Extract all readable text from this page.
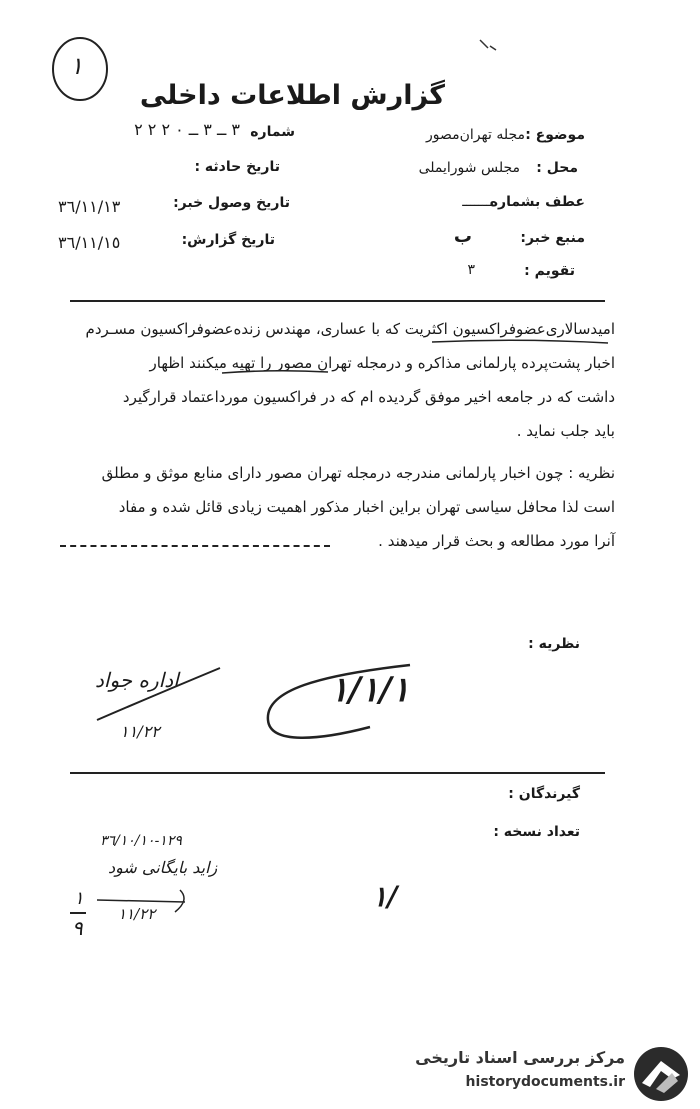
١
گزارش اطلاعات داخلی
موضوع :
مجله تهران‌مصور
محل :
مجلس شورا‌یملی
عطف بشماره
ــــــــ
منبع خبر:
ب
تقویم :
٣
شماره
۳ ــ ۳ ــ ۰ ۲ ۲ ۲
تاریخ حادثه :
تاریخ وصول خبر:
٣٦/١١/١٣
تاریخ گزارش:
٣٦/١١/١٥
امیدسالاری‌عضوفراکسیون اکثریت که با عساری، مهندس زنده‌عضوفراکسیون مسـردم
اخبار پشت‌پرده پارلمانی مذاکره و درمجله تهران مصور را تهیه میکنند اظهار
داشت که در جامعه اخیر موفق گردیده ام که در فراکسیون مورداعتماد قرارگیرد
باید جلب نماید .
نظریه : چون اخبار پارلمانی مندرجه درمجله تهران مصور دارای منابع موثق و مطلق
است لذا محافل سیاسی تهران براین اخبار مذکور اهمیت زیادی قائل شده و مفاد
آنرا مورد مطالعه و بحث قرار میدهند .
نظریه :
۱/۱/۱
اداره جواد
۱۱/۲۲
گیرندگان :
تعداد نسخه :
١٢٩-٣٦/١٠/١٠
زاید بایگانی شود
۱۱/۲۲
۱
۹
۱/
مرکز بررسی اسناد تاریخی
historydocuments.ir
